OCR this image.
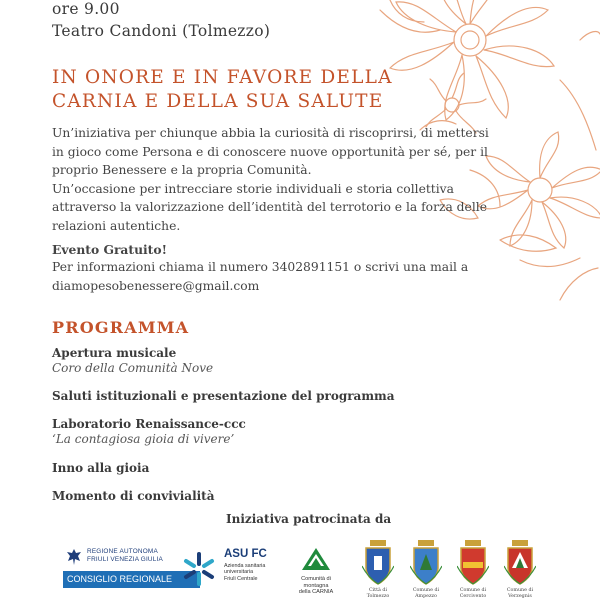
ore 9.00
Teatro Candoni (Tolmezzo)
IN ONORE E IN FAVORE DELLA
CARNIA E DELLA SUA SALUTE
Un’iniziativa per chiunque abbia la curiosità di riscoprirsi, di mettersi
in gioco come Persona e di conoscere nuove opportunità per sé, per il
proprio Benessere e la propria Comunità.
Un’occasione per intrecciare storie individuali e storia collettiva
attraverso la valorizzazione dell’identità del terrotorio e la forza delle
relazioni autentiche.
Evento Gratuito!
Per informazioni chiama il numero 3402891151 o scrivi una mail a
diamopesobenessere@gmail.com
PROGRAMMA
Apertura musicale
Coro della Comunità Nove
Saluti istituzionali e presentazione del programma
Laboratorio Renaissance-ccc
‘La contagiosa gioia di vivere’
Inno alla gioia
Momento di convivialità
Iniziativa patrocinata da
REGIONE AUTONOMA
FRIULI VENEZIA GIULIA
CONSIGLIO REGIONALE
ASU FC
Azienda sanitaria
universitaria
Friuli Centrale	Comunità di montagna
della CARNIA	Città di
Tolmezzo
Comune di
Ampezzo
Comune di
Cercivento
Comune di
Verzegnis
